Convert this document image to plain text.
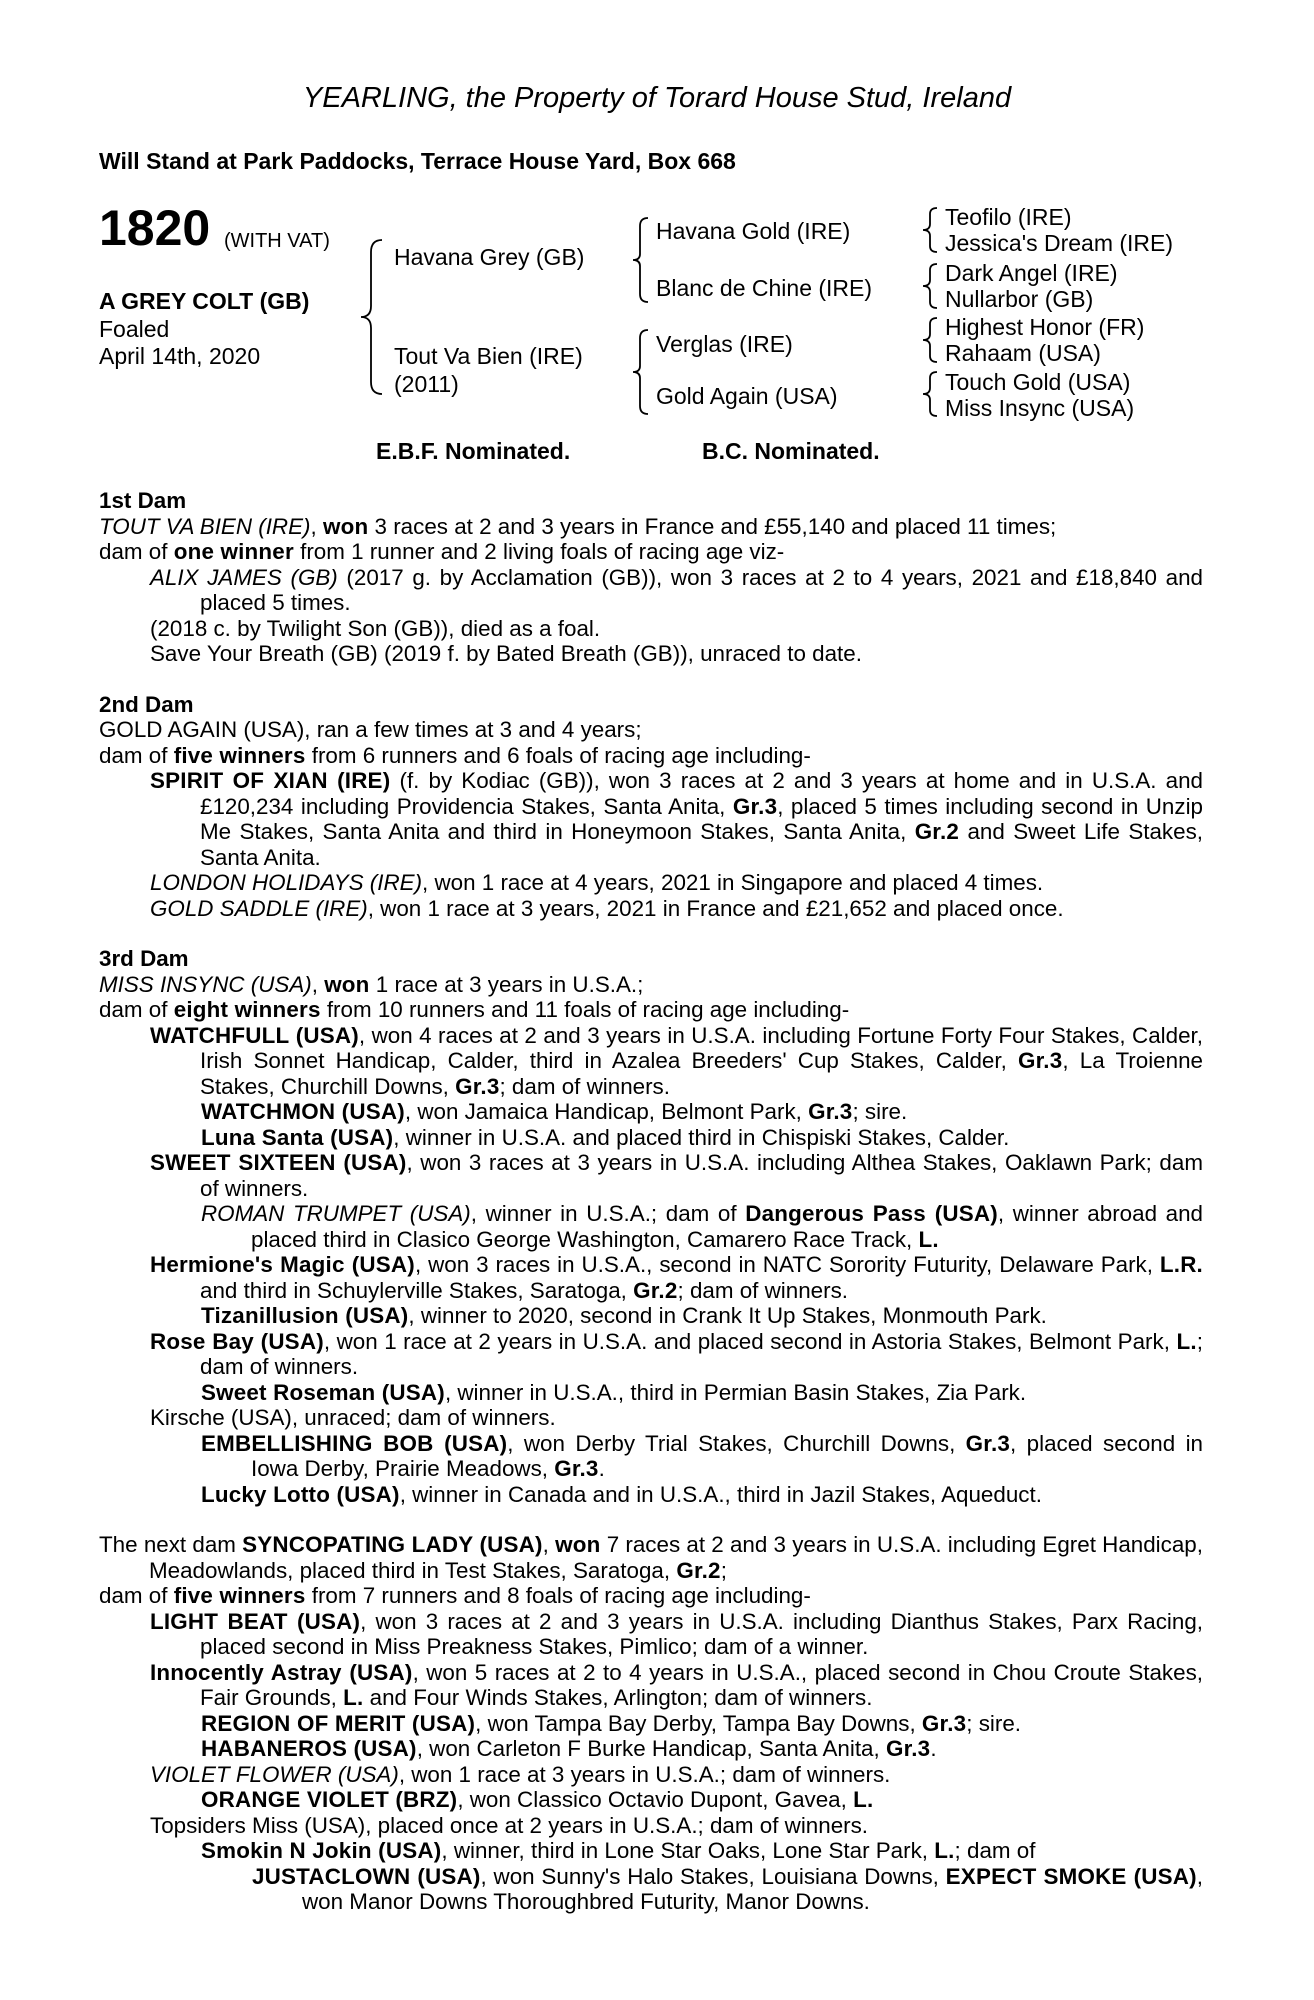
YEARLING, the Property of Torard House Stud, Ireland
Will Stand at Park Paddocks, Terrace House Yard, Box 668
1820 (WITH VAT)
A GREY COLT (GB)
Foaled
April 14th, 2020
Havana Grey (GB)
Tout Va Bien (IRE)
(2011)
Havana Gold (IRE)
Blanc de Chine (IRE)
Verglas (IRE)
Gold Again (USA)
Teofilo (IRE)
Jessica's Dream (IRE)
Dark Angel (IRE)
Nullarbor (GB)
Highest Honor (FR)
Rahaam (USA)
Touch Gold (USA)
Miss Insync (USA)
E.B.F. Nominated.	B.C. Nominated.
1st Dam
TOUT VA BIEN (IRE), won 3 races at 2 and 3 years in France and £55,140 and placed 11 times;
dam of one winner from 1 runner and 2 living foals of racing age viz-
ALIX JAMES (GB) (2017 g. by Acclamation (GB)), won 3 races at 2 to 4 years, 2021 and £18,840 and placed 5 times.
(2018 c. by Twilight Son (GB)), died as a foal.
Save Your Breath (GB) (2019 f. by Bated Breath (GB)), unraced to date.
2nd Dam
GOLD AGAIN (USA), ran a few times at 3 and 4 years;
dam of five winners from 6 runners and 6 foals of racing age including-
SPIRIT OF XIAN (IRE) (f. by Kodiac (GB)), won 3 races at 2 and 3 years at home and in U.S.A. and £120,234 including Providencia Stakes, Santa Anita, Gr.3, placed 5 times including second in Unzip Me Stakes, Santa Anita and third in Honeymoon Stakes, Santa Anita, Gr.2 and Sweet Life Stakes, Santa Anita.
LONDON HOLIDAYS (IRE), won 1 race at 4 years, 2021 in Singapore and placed 4 times.
GOLD SADDLE (IRE), won 1 race at 3 years, 2021 in France and £21,652 and placed once.
3rd Dam
MISS INSYNC (USA), won 1 race at 3 years in U.S.A.;
dam of eight winners from 10 runners and 11 foals of racing age including-
WATCHFULL (USA), won 4 races at 2 and 3 years in U.S.A. including Fortune Forty Four Stakes, Calder, Irish Sonnet Handicap, Calder, third in Azalea Breeders' Cup Stakes, Calder, Gr.3, La Troienne Stakes, Churchill Downs, Gr.3; dam of winners.
WATCHMON (USA), won Jamaica Handicap, Belmont Park, Gr.3; sire.
Luna Santa (USA), winner in U.S.A. and placed third in Chispiski Stakes, Calder.
SWEET SIXTEEN (USA), won 3 races at 3 years in U.S.A. including Althea Stakes, Oaklawn Park; dam of winners.
ROMAN TRUMPET (USA), winner in U.S.A.; dam of Dangerous Pass (USA), winner abroad and placed third in Clasico George Washington, Camarero Race Track, L.
Hermione's Magic (USA), won 3 races in U.S.A., second in NATC Sorority Futurity, Delaware Park, L.R. and third in Schuylerville Stakes, Saratoga, Gr.2; dam of winners.
Tizanillusion (USA), winner to 2020, second in Crank It Up Stakes, Monmouth Park.
Rose Bay (USA), won 1 race at 2 years in U.S.A. and placed second in Astoria Stakes, Belmont Park, L.; dam of winners.
Sweet Roseman (USA), winner in U.S.A., third in Permian Basin Stakes, Zia Park.
Kirsche (USA), unraced; dam of winners.
EMBELLISHING BOB (USA), won Derby Trial Stakes, Churchill Downs, Gr.3, placed second in Iowa Derby, Prairie Meadows, Gr.3.
Lucky Lotto (USA), winner in Canada and in U.S.A., third in Jazil Stakes, Aqueduct.
The next dam SYNCOPATING LADY (USA), won 7 races at 2 and 3 years in U.S.A. including Egret Handicap, Meadowlands, placed third in Test Stakes, Saratoga, Gr.2;
dam of five winners from 7 runners and 8 foals of racing age including-
LIGHT BEAT (USA), won 3 races at 2 and 3 years in U.S.A. including Dianthus Stakes, Parx Racing, placed second in Miss Preakness Stakes, Pimlico; dam of a winner.
Innocently Astray (USA), won 5 races at 2 to 4 years in U.S.A., placed second in Chou Croute Stakes, Fair Grounds, L. and Four Winds Stakes, Arlington; dam of winners.
REGION OF MERIT (USA), won Tampa Bay Derby, Tampa Bay Downs, Gr.3; sire.
HABANEROS (USA), won Carleton F Burke Handicap, Santa Anita, Gr.3.
VIOLET FLOWER (USA), won 1 race at 3 years in U.S.A.; dam of winners.
ORANGE VIOLET (BRZ), won Classico Octavio Dupont, Gavea, L.
Topsiders Miss (USA), placed once at 2 years in U.S.A.; dam of winners.
Smokin N Jokin (USA), winner, third in Lone Star Oaks, Lone Star Park, L.; dam of
JUSTACLOWN (USA), won Sunny's Halo Stakes, Louisiana Downs, EXPECT SMOKE (USA), won Manor Downs Thoroughbred Futurity, Manor Downs.
